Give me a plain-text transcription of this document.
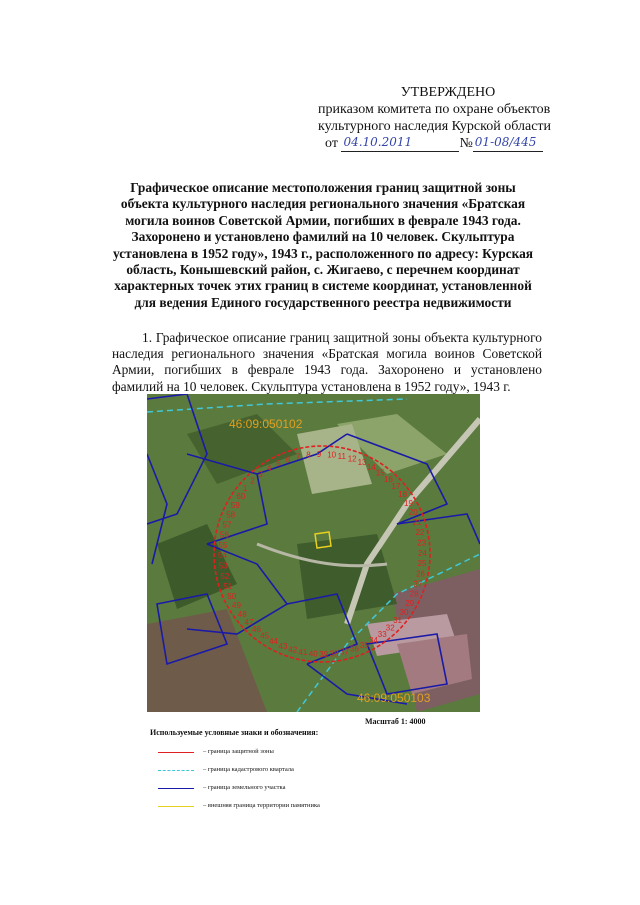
УТВЕРЖДЕНО
приказом комитета по охране объектов
культурного наследия Курской области
от 04.10.2011	№ 01-08/445
Графическое описание местоположения границ защитной зоны объекта культурного наследия регионального значения «Братская могила воинов Советской Армии, погибших в феврале 1943 года. Захоронено и установлено фамилий на 10 человек. Скульптура установлена в 1952 году», 1943 г., расположенного по адресу: Курская область, Конышевский район, с. Жигаево, с перечнем координат характерных точек этих границ в системе координат, установленной для ведения Единого государственного реестра недвижимости
1. Графическое описание границ защитной зоны объекта культурного наследия регионального значения «Братская могила воинов Советской Армии, погибших в феврале 1943 года. Захоронено и установлено фамилий на 10 человек. Скульптура установлена в 1952 году», 1943 г.
1
2
3
4
5 6 7 8 9 10 11 12 13
14
15
16
17
18
19
20
21
22
23
24
25
26
27
28
29
30
31
32
33
34
35
36
37
38
39
40
41
42
43
44
45
46
47
48
49
50
51
52
53
54
55
56
57
58
59
60
46:09:050102
46:09:050103
Масштаб 1: 4000
Используемые условные знаки и обозначения:
– граница защитной зоны
– граница кадастрового квартала
– граница земельного участка
– внешняя граница территории памятника
